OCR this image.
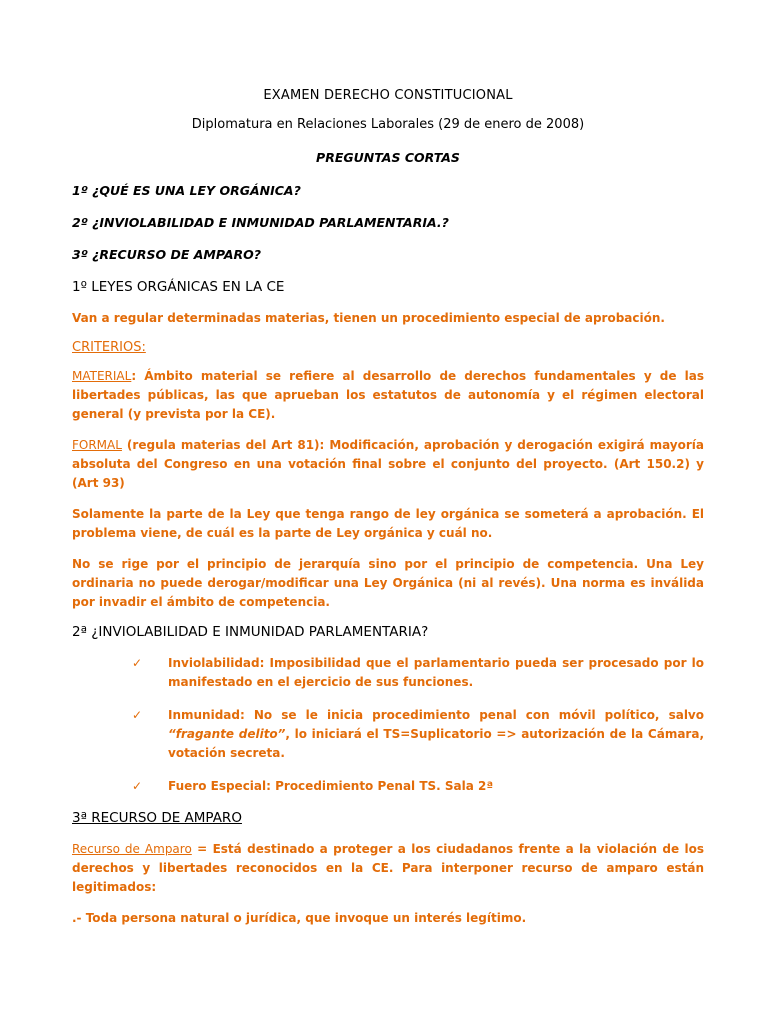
EXAMEN DERECHO CONSTITUCIONAL

Diplomatura en Relaciones Laborales (29 de enero de 2008)

PREGUNTAS CORTAS

1º ¿QUÉ ES UNA LEY ORGÁNICA?

2º ¿INVIOLABILIDAD E INMUNIDAD PARLAMENTARIA.?

3º ¿RECURSO DE AMPARO?

1º LEYES ORGÁNICAS EN LA CE

Van a regular determinadas materias, tienen un procedimiento especial de aprobación.

CRITERIOS:

MATERIAL: Ámbito material se refiere al desarrollo de derechos fundamentales y de las libertades públicas, las que aprueban los estatutos de autonomía y el régimen electoral general (y prevista por la CE).

FORMAL (regula materias del Art 81): Modificación, aprobación y derogación exigirá mayoría absoluta del Congreso en una votación final sobre el conjunto del proyecto. (Art 150.2) y (Art 93)

Solamente la parte de la Ley que tenga rango de ley orgánica se someterá a aprobación. El problema viene, de cuál es la parte de Ley orgánica y cuál no.

No se rige por el principio de jerarquía sino por el principio de competencia. Una Ley ordinaria no puede derogar/modificar una Ley Orgánica (ni al revés). Una norma es inválida por invadir el ámbito de competencia.

2ª ¿INVIOLABILIDAD E INMUNIDAD PARLAMENTARIA?

✓ Inviolabilidad: Imposibilidad que el parlamentario pueda ser procesado por lo manifestado en el ejercicio de sus funciones.
✓ Inmunidad: No se le inicia procedimiento penal con móvil político, salvo “fragante delito”, lo iniciará el TS=Suplicatorio => autorización de la Cámara, votación secreta.
✓ Fuero Especial: Procedimiento Penal TS. Sala 2ª

3ª RECURSO DE AMPARO

Recurso de Amparo = Está destinado a proteger a los ciudadanos frente a la violación de los derechos y libertades reconocidos en la CE. Para interponer recurso de amparo están legitimados:

.- Toda persona natural o jurídica, que invoque un interés legítimo.
